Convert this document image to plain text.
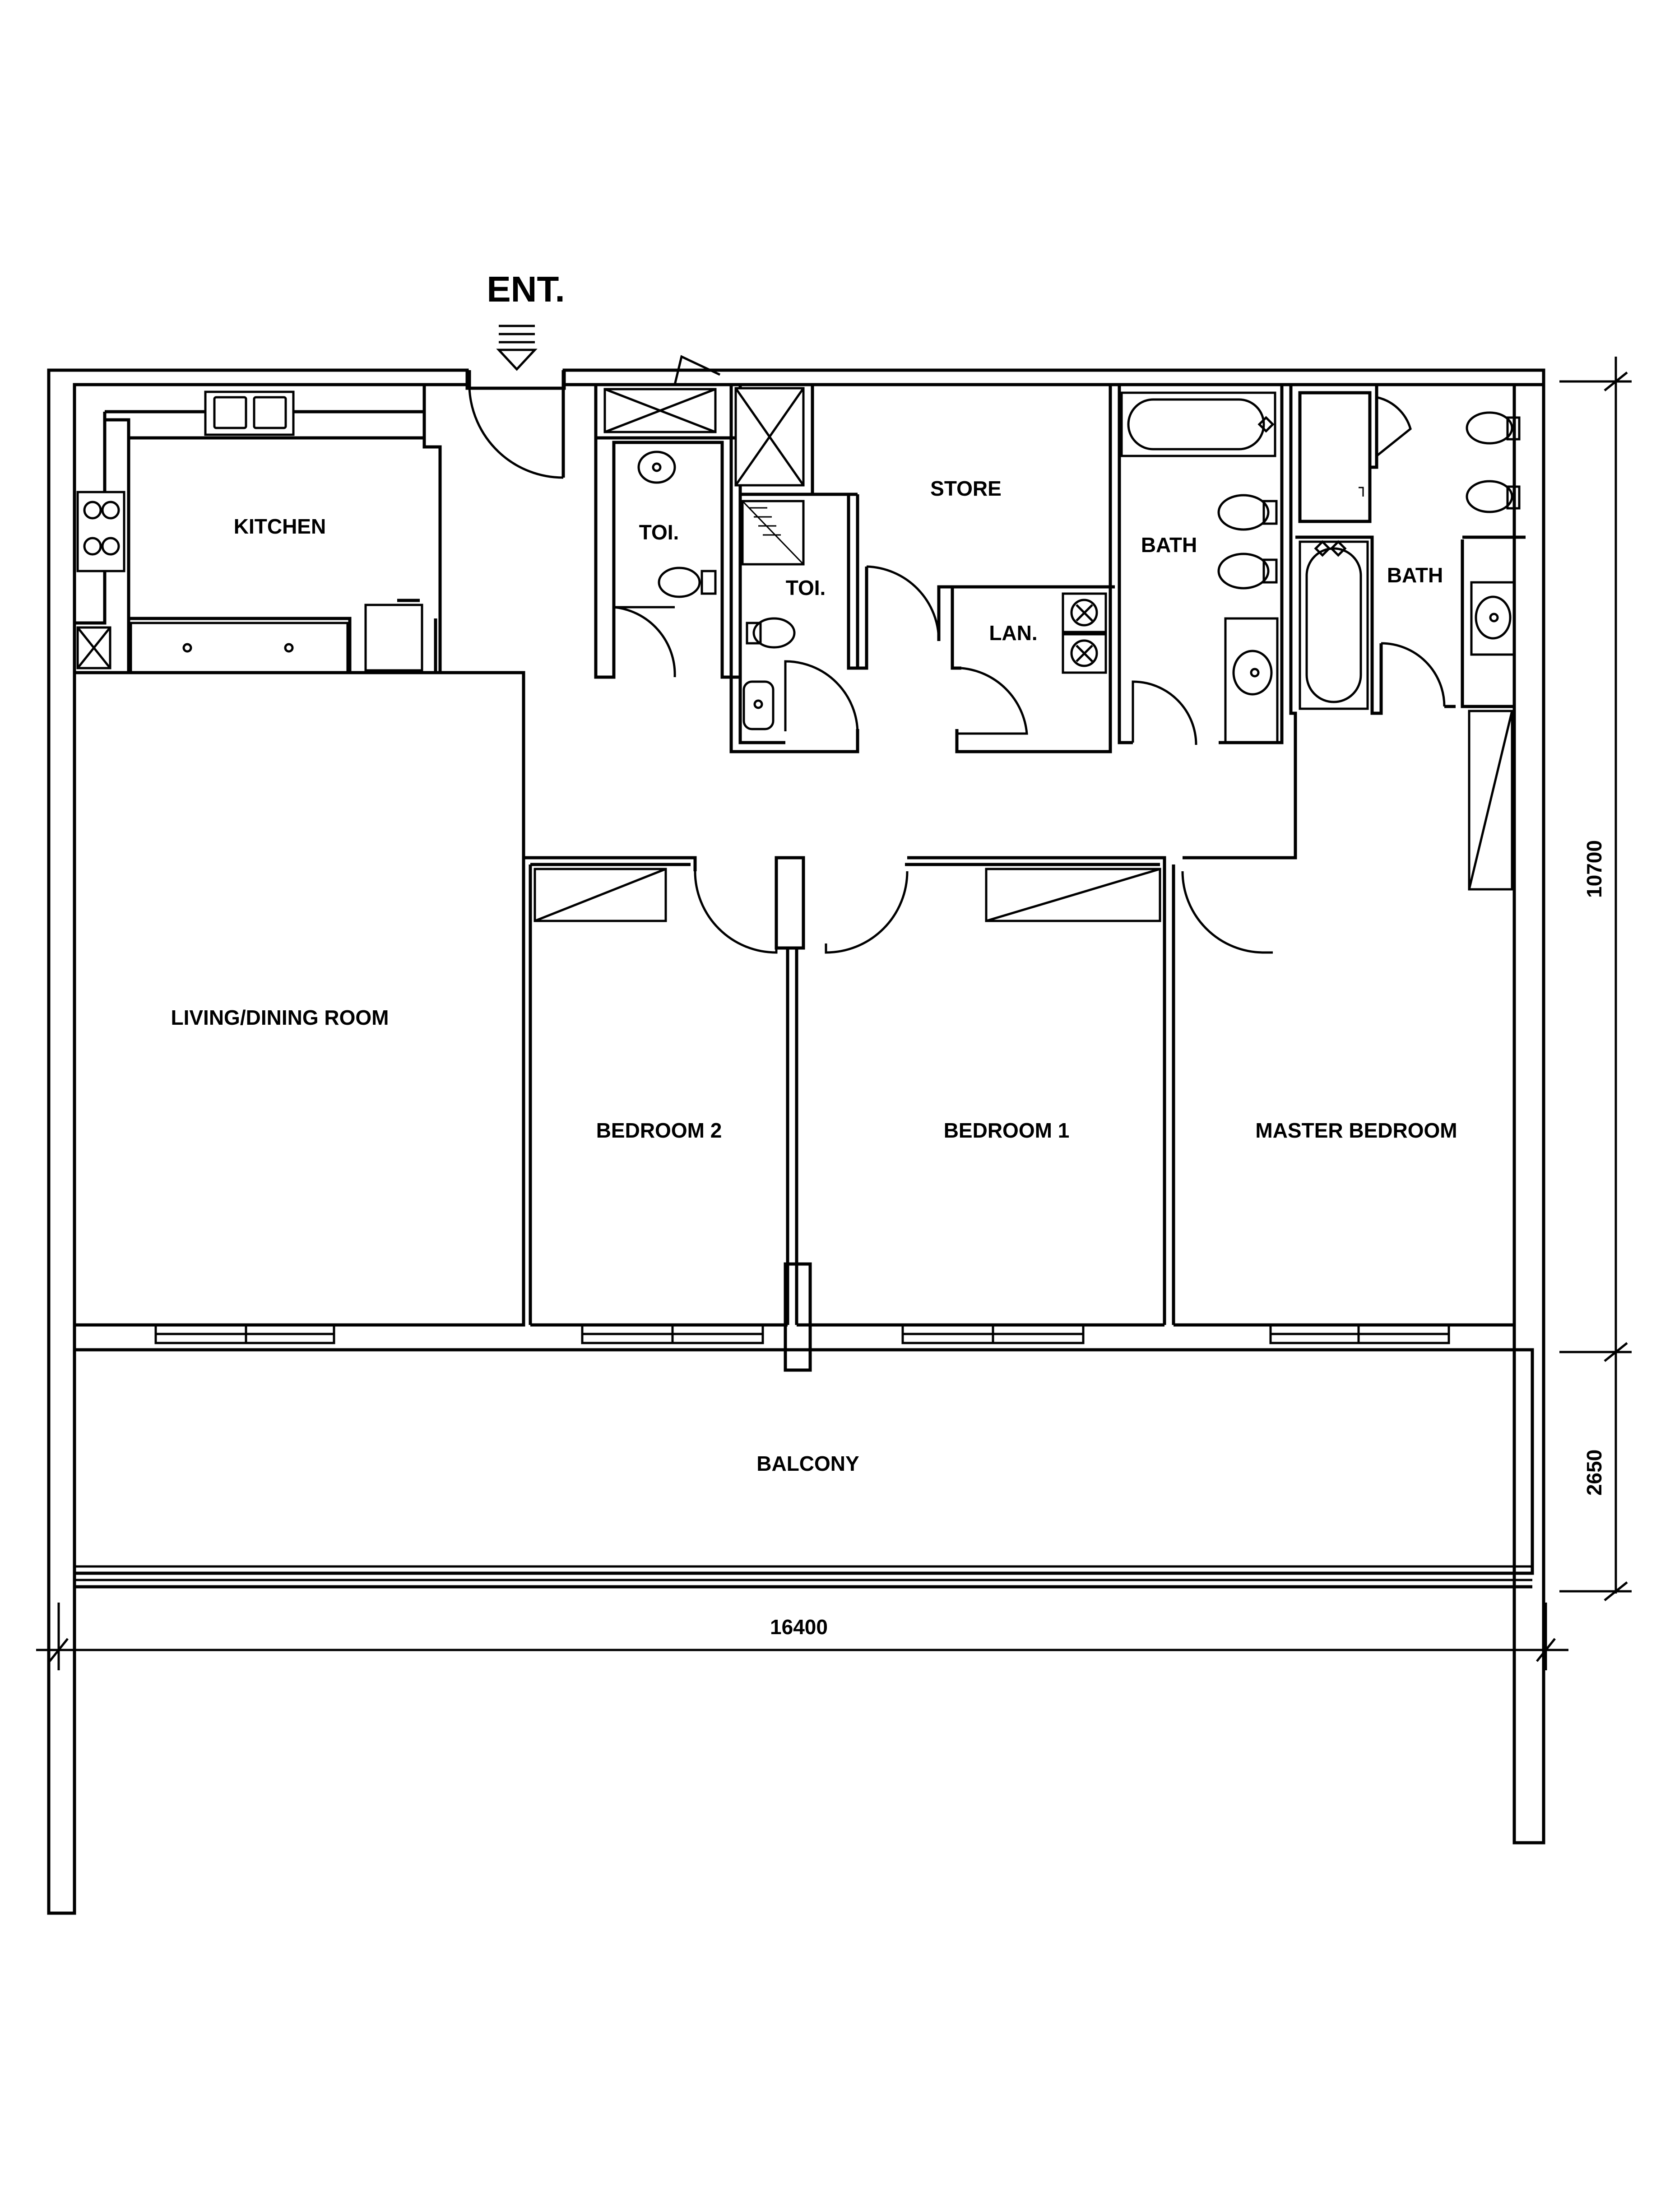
ENT.
KITCHEN
LIVING/DINING ROOM
TOI.
TOI.
STORE
LAN.
BATH
BATH
BEDROOM 2	BEDROOM 1	MASTER BEDROOM
BALCONY
16400
10700
2650
